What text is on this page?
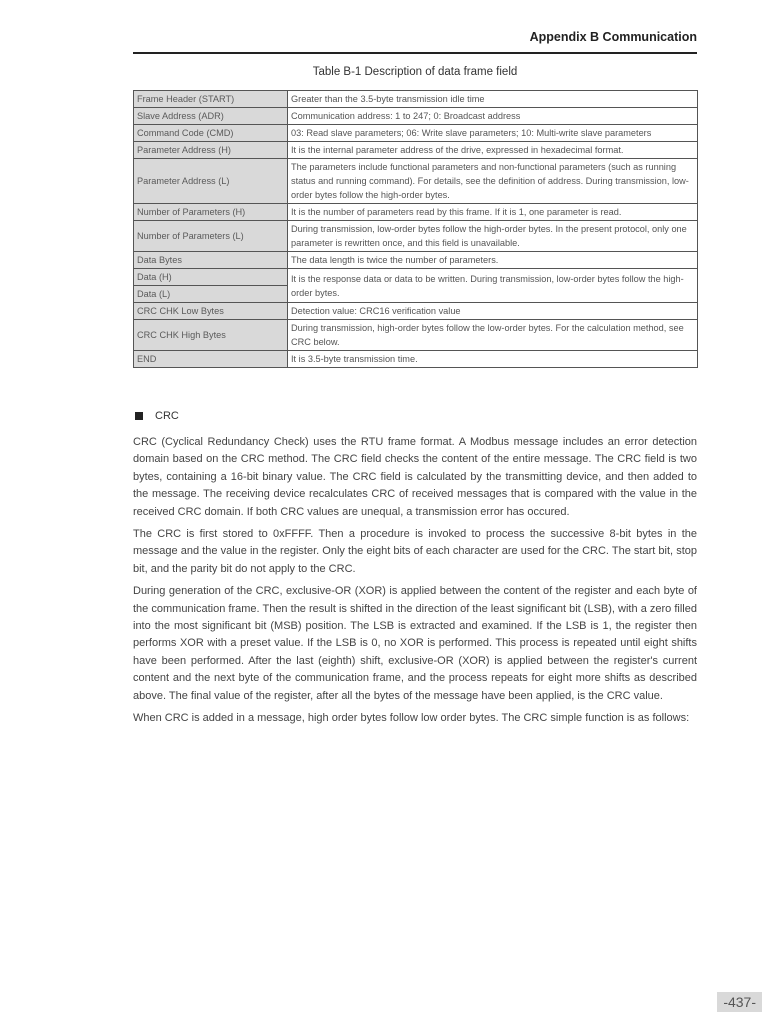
Appendix B Communication
Table B-1 Description of data frame field
Frame Header (START)	Greater than the 3.5-byte transmission idle time
Slave Address (ADR)	Communication address: 1 to 247; 0: Broadcast address
Command Code (CMD)	03: Read slave parameters; 06: Write slave parameters; 10: Multi-write slave parameters
Parameter Address (H)	It is the internal parameter address of the drive, expressed in hexadecimal format.
Parameter Address (L)	The parameters include functional parameters and non-functional parameters (such as running status and running command). For details, see the definition of address. During transmission, low-order bytes follow the high-order bytes.
Number of Parameters (H)	It is the number of parameters read by this frame. If it is 1, one parameter is read.
Number of Parameters (L)	During transmission, low-order bytes follow the high-order bytes. In the present protocol, only one parameter is rewritten once, and this field is unavailable.
Data Bytes	The data length is twice the number of parameters.
Data (H)	It is the response data or data to be written. During transmission, low-order bytes follow the high-order bytes.
Data (L)	
CRC CHK Low Bytes	Detection value: CRC16 verification value
CRC CHK High Bytes	During transmission, high-order bytes follow the low-order bytes. For the calculation method, see CRC below.
END	It is 3.5-byte transmission time.
CRC

CRC (Cyclical Redundancy Check) uses the RTU frame format. A Modbus message includes an error detection domain based on the CRC method. The CRC field checks the content of the entire message. The CRC field is two bytes, containing a 16-bit binary value. The CRC field is calculated by the transmitting device, and then added to the message. The receiving device recalculates CRC of received messages that is compared with the value in the received CRC domain. If both CRC values are unequal, a transmission error has occured.

The CRC is first stored to 0xFFFF. Then a procedure is invoked to process the successive 8-bit bytes in the message and the value in the register. Only the eight bits of each character are used for the CRC. The start bit, stop bit, and the parity bit do not apply to the CRC.

During generation of the CRC, exclusive-OR (XOR) is applied between the content of the register and each byte of the communication frame. Then the result is shifted in the direction of the least significant bit (LSB), with a zero filled into the most significant bit (MSB) position. The LSB is extracted and examined. If the LSB is 1, the register then performs XOR with a preset value. If the LSB is 0, no XOR is performed. This process is repeated until eight shifts have been performed. After the last (eighth) shift, exclusive-OR (XOR) is applied between the register's current content and the next byte of the communication frame, and the process repeats for eight more shifts as described above. The final value of the register, after all the bytes of the message have been applied, is the CRC value.

When CRC is added in a message, high order bytes follow low order bytes. The CRC simple function is as follows:

-437-
